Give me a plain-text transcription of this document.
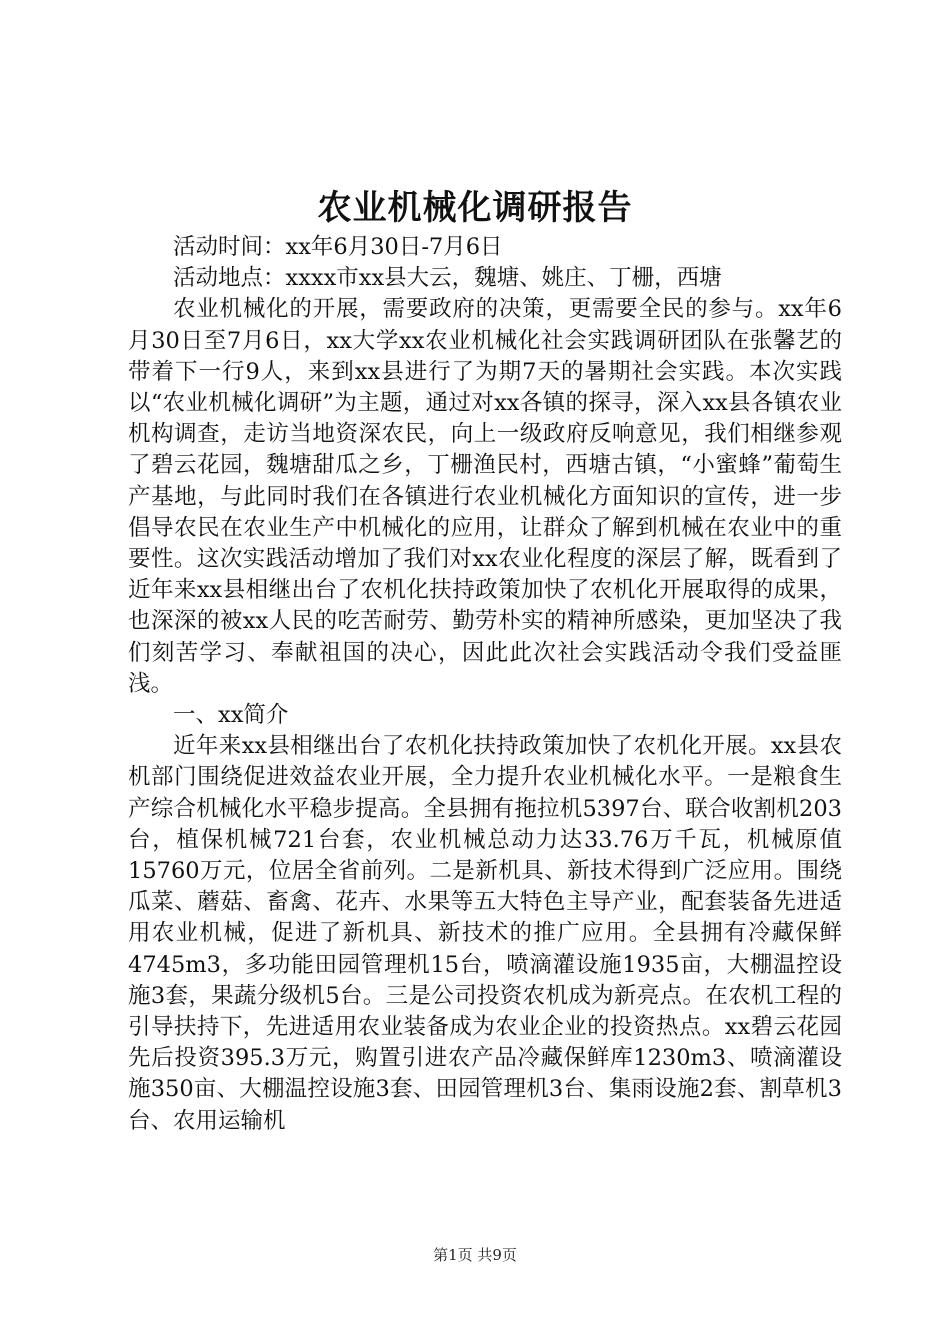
农业机械化调研报告
活动时间：xx年6月30日-7月6日
活动地点：xxxx市xx县大云，魏塘、姚庄、丁栅，西塘

农业机械化的开展，需要政府的决策，更需要全民的参与。xx年6月30日至7月6日，xx大学xx农业机械化社会实践调研团队在张馨艺的带着下一行9人，来到xx县进行了为期7天的暑期社会实践。本次实践以“农业机械化调研”为主题，通过对xx各镇的探寻，深入xx县各镇农业机构调查，走访当地资深农民，向上一级政府反响意见，我们相继参观了碧云花园，魏塘甜瓜之乡，丁栅渔民村，西塘古镇，“小蜜蜂”葡萄生产基地，与此同时我们在各镇进行农业机械化方面知识的宣传，进一步倡导农民在农业生产中机械化的应用，让群众了解到机械在农业中的重要性。这次实践活动增加了我们对xx农业化程度的深层了解，既看到了近年来xx县相继出台了农机化扶持政策加快了农机化开展取得的成果，也深深的被xx人民的吃苦耐劳、勤劳朴实的精神所感染，更加坚决了我们刻苦学习、奉献祖国的决心，因此此次社会实践活动令我们受益匪浅。

一、xx简介

近年来xx县相继出台了农机化扶持政策加快了农机化开展。xx县农机部门围绕促进效益农业开展，全力提升农业机械化水平。一是粮食生产综合机械化水平稳步提高。全县拥有拖拉机5397台、联合收割机203台，植保机械721台套，农业机械总动力达33.76万千瓦，机械原值15760万元，位居全省前列。二是新机具、新技术得到广泛应用。围绕瓜菜、蘑菇、畜禽、花卉、水果等五大特色主导产业，配套装备先进适用农业机械，促进了新机具、新技术的推广应用。全县拥有冷藏保鲜4745m3，多功能田园管理机15台，喷滴灌设施1935亩，大棚温控设施3套，果蔬分级机5台。三是公司投资农机成为新亮点。在农机工程的引导扶持下，先进适用农业装备成为农业企业的投资热点。xx碧云花园先后投资395.3万元，购置引进农产品冷藏保鲜库1230m3、喷滴灌设施350亩、大棚温控设施3套、田园管理机3台、集雨设施2套、割草机3台、农用运输机

第1页 共9页
